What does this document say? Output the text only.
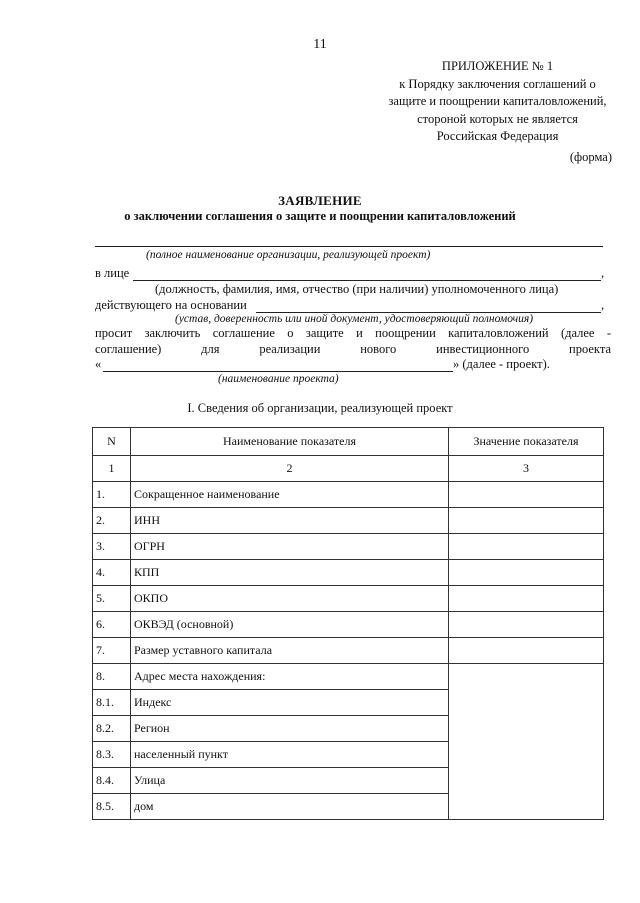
11
ПРИЛОЖЕНИЕ № 1
к Порядку заключения соглашений о
защите и поощрении капиталовложений,
стороной которых не является
Российская Федерация
(форма)
ЗАЯВЛЕНИЕ
о заключении соглашения о защите и поощрении капиталовложений
(полное наименование организации, реализующей проект)
в лице	,
(должность, фамилия, имя, отчество (при наличии) уполномоченного лица)
действующего на основании	,
(устав, доверенность или иной документ, удостоверяющий полномочия)
просит заключить соглашение о защите и поощрении капиталовложений (далее -
соглашение)	для	реализации	нового	инвестиционного	проекта
«	» (далее - проект).
(наименование проекта)
I. Сведения об организации, реализующей проект
N	Наименование показателя	Значение показателя
1	2	3
1.	Сокращенное наименование	
2.	ИНН	
3.	ОГРН	
4.	КПП	
5.	ОКПО	
6.	ОКВЭД (основной)	
7.	Размер уставного капитала	
8.	Адрес места нахождения:	
8.1.	Индекс	
8.2.	Регион	
8.3.	населенный пункт	
8.4.	Улица	
8.5.	дом	
